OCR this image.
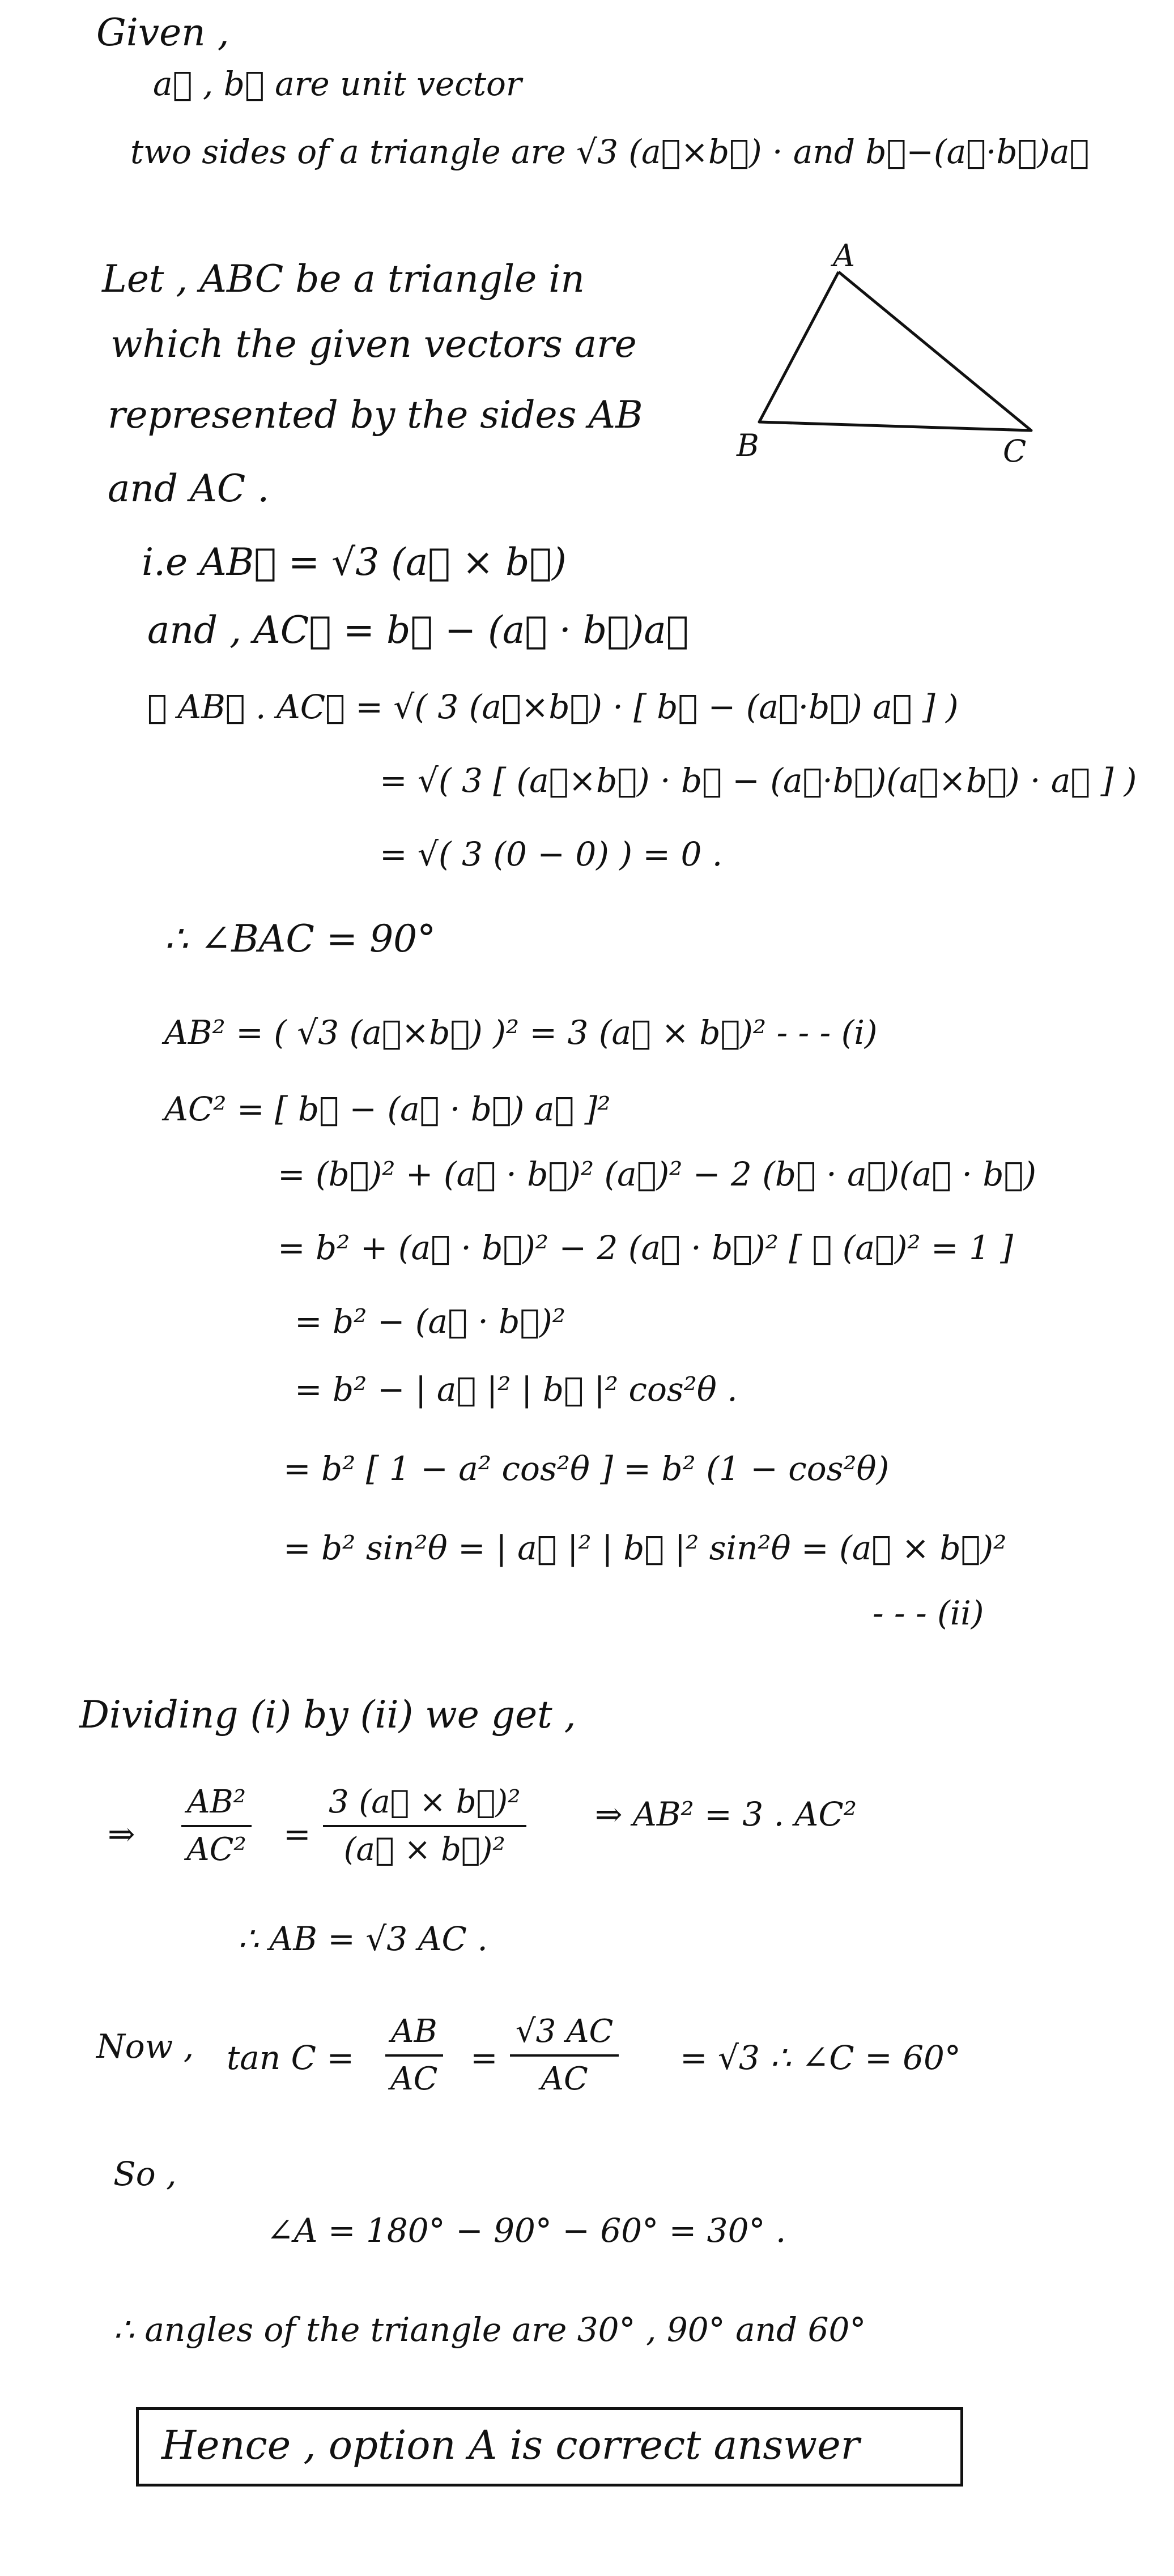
Given ,
a⃗ , b⃗ are unit vector
two sides of a triangle are √3 (a⃗×b⃗) · and b⃗−(a⃗·b⃗)a⃗
Let , ABC be a triangle in
which the given vectors are
represented by the sides AB
and AC .
A
B	C
i.e AB⃗ = √3 (a⃗ × b⃗)
and , AC⃗ = b⃗ − (a⃗ · b⃗)a⃗
∴ AB⃗ . AC⃗ = √( 3 (a⃗×b⃗) · [ b⃗ − (a⃗·b⃗) a⃗ ] )
= √( 3 [ (a⃗×b⃗) · b⃗ − (a⃗·b⃗)(a⃗×b⃗) · a⃗ ] )
= √( 3 (0 − 0) ) = 0 .
∴ ∠BAC = 90°
AB² = ( √3 (a⃗×b⃗) )² = 3 (a⃗ × b⃗)² - - - (i)
AC² = [ b⃗ − (a⃗ · b⃗) a⃗ ]²
= (b⃗)² + (a⃗ · b⃗)² (a⃗)² − 2 (b⃗ · a⃗)(a⃗ · b⃗)
= b² + (a⃗ · b⃗)² − 2 (a⃗ · b⃗)² [ ∵ (a⃗)² = 1 ]
= b² − (a⃗ · b⃗)²
= b² − | a⃗ |² | b⃗ |² cos²θ .
= b² [ 1 − a² cos²θ ] = b² (1 − cos²θ)
= b² sin²θ = | a⃗ |² | b⃗ |² sin²θ = (a⃗ × b⃗)²
- - - (ii)
Dividing (i) by (ii) we get ,
⇒ $\frac{\text{AB²}}{\text{AC²}} = \frac{\text{3 (a⃗ × b⃗)²}}{\text{(a⃗ × b⃗)²}}$ ⇒ AB² = 3 . AC²
∴ AB = √3 AC .
Now , $\tan C = \frac{AB}{AC} = \frac{√3 AC}{AC} = √3$ ∴ ∠C = 60°
So ,
∠A = 180° − 90° − 60° = 30° .
∴ angles of the triangle are 30° , 90° and 60°
Hence , option A is correct answer
